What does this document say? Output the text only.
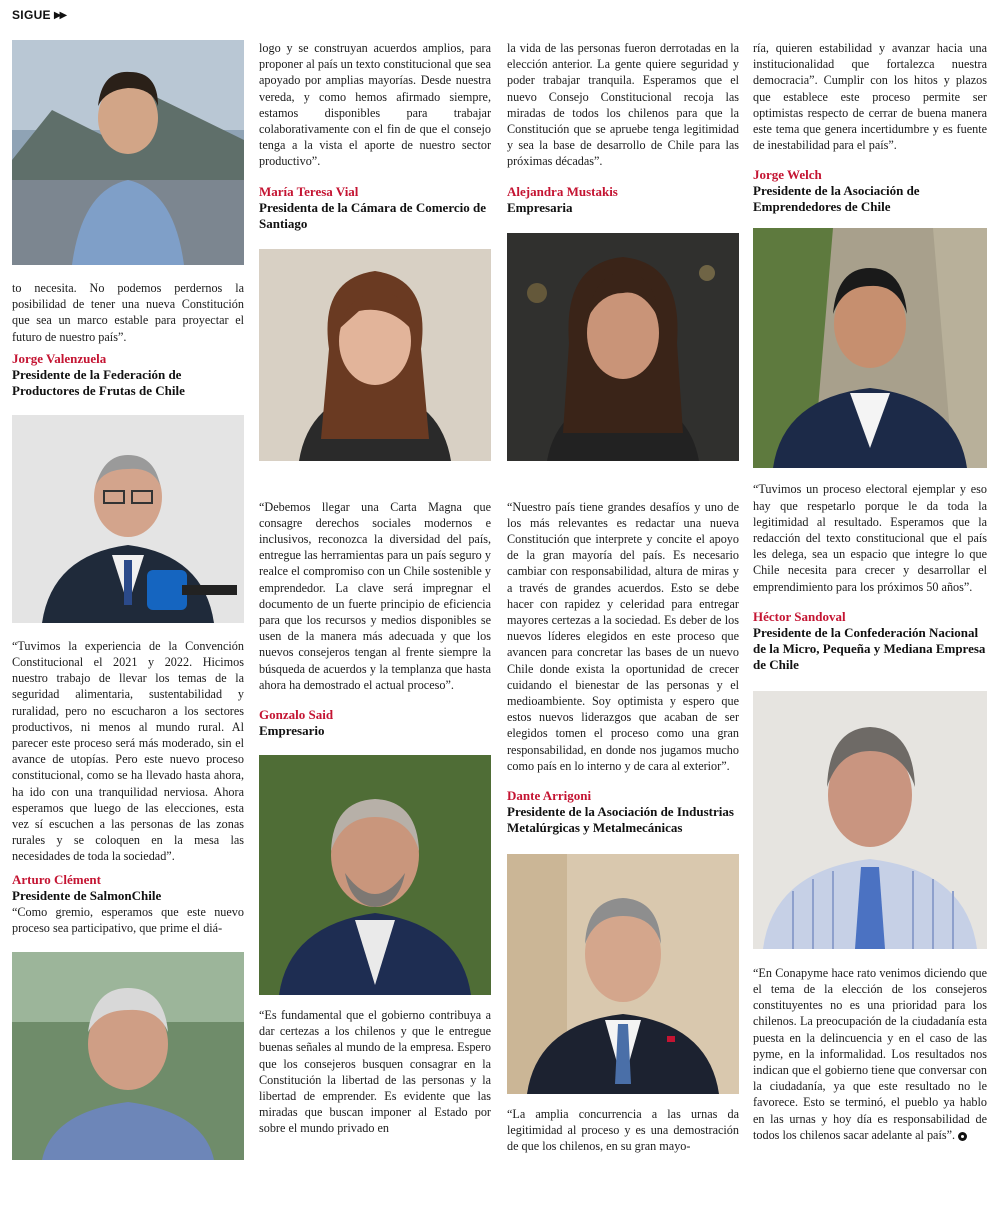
SIGUE ▶▶

to necesita. No podemos perdernos la posibilidad de tener una nueva Constitución que sea un marco estable para proyectar el futuro de nuestro país”.

Jorge Valenzuela

Presidente de la Federación de Productores de Frutas de Chile

“Tuvimos la experiencia de la Convención Constitucional el 2021 y 2022. Hicimos nuestro trabajo de llevar los temas de la seguridad alimentaria, sustentabilidad y ruralidad, pero no escucharon a los sectores productivos, ni menos al mundo rural. Al parecer este proceso será más moderado, sin el avance de utopías. Pero este nuevo proceso constitucional, como se ha llevado hasta ahora, ha ido con una tranquilidad nerviosa. Ahora esperamos que luego de las elecciones, esta vez sí escuchen a las personas de las zonas rurales y se coloquen en la mesa las necesidades de toda la sociedad”.

Arturo Clément

Presidente de SalmonChile

“Como gremio, esperamos que este nuevo proceso sea participativo, que prime el diá-

logo y se construyan acuerdos amplios, para proponer al país un texto constitucional que sea apoyado por amplias mayorías. Desde nuestra vereda, y como hemos afirmado siempre, estamos disponibles para trabajar colaborativamente con el fin de que el consejo tenga a la vista el aporte de nuestro sector productivo”.

María Teresa Vial

Presidenta de la Cámara de Comercio de Santiago

“Debemos llegar una Carta Magna que consagre derechos sociales modernos e inclusivos, reconozca la diversidad del país, entregue las herramientas para un país seguro y realce el compromiso con un Chile sostenible y emprendedor. La clave será impregnar el documento de un fuerte principio de eficiencia para que los recursos y medios disponibles se usen de la manera más adecuada y que los nuevos consejeros tengan al frente siempre la búsqueda de acuerdos y la templanza que hasta ahora ha demostrado el actual proceso”.

Gonzalo Said

Empresario

“Es fundamental que el gobierno contribuya a dar certezas a los chilenos y que le entregue buenas señales al mundo de la empresa. Espero que los consejeros busquen consagrar en la Constitución la libertad de las personas y la libertad de emprender. Es evidente que las miradas que buscan imponer al Estado por sobre el mundo privado en

la vida de las personas fueron derrotadas en la elección anterior. La gente quiere seguridad y poder trabajar tranquila. Esperamos que el nuevo Consejo Constitucional recoja las miradas de todos los chilenos para que la Constitución que se apruebe tenga legitimidad y sea la base de desarrollo de Chile para las próximas décadas”.

Alejandra Mustakis

Empresaria

“Nuestro país tiene grandes desafíos y uno de los más relevantes es redactar una nueva Constitución que interprete y concite el apoyo de la gran mayoría del país. Es necesario cambiar con responsabilidad, altura de miras y a través de grandes acuerdos. Esto se debe hacer con rapidez y celeridad para entregar mayores certezas a la sociedad. Es deber de los nuevos líderes elegidos en este proceso que avancen para concretar las bases de un nuevo Chile donde exista la oportunidad de crecer cuidando el bienestar de las personas y el medioambiente. Soy optimista y espero que estos nuevos liderazgos que acaban de ser elegidos tomen el proceso como una gran responsabilidad, en donde nos jugamos mucho como país en lo interno y de cara al exterior”.

Dante Arrigoni

Presidente de la Asociación de Industrias Metalúrgicas y Metalmecánicas

“La amplia concurrencia a las urnas da legitimidad al proceso y es una demostración de que los chilenos, en su gran mayo-

ría, quieren estabilidad y avanzar hacia una institucionalidad que fortalezca nuestra democracia”. Cumplir con los hitos y plazos que establece este proceso permite ser optimistas respecto de cerrar de buena manera este tema que genera incertidumbre y es fuente de inestabilidad para el país”.

Jorge Welch

Presidente de la Asociación de Emprendedores de Chile

“Tuvimos un proceso electoral ejemplar y eso hay que respetarlo porque le da toda la legitimidad al resultado. Esperamos que la redacción del texto constitucional que el país les delega, sea un espacio que integre lo que Chile necesita para crecer y desarrollar el emprendimiento para los próximos 50 años”.

Héctor Sandoval

Presidente de la Confederación Nacional de la Micro, Pequeña y Mediana Empresa de Chile

“En Conapyme hace rato venimos diciendo que el tema de la elección de los consejeros constituyentes no es una prioridad para los chilenos. La preocupación de la ciudadanía esta puesta en la delincuencia y en el caso de las pyme, en la informalidad. Los resultados nos indican que el gobierno tiene que conversar con la ciudadanía, ya que este resultado no le favorece. Esto se terminó, el pueblo ya hablo en las urnas y hoy día es responsabilidad de todos los chilenos sacar adelante al país”.
